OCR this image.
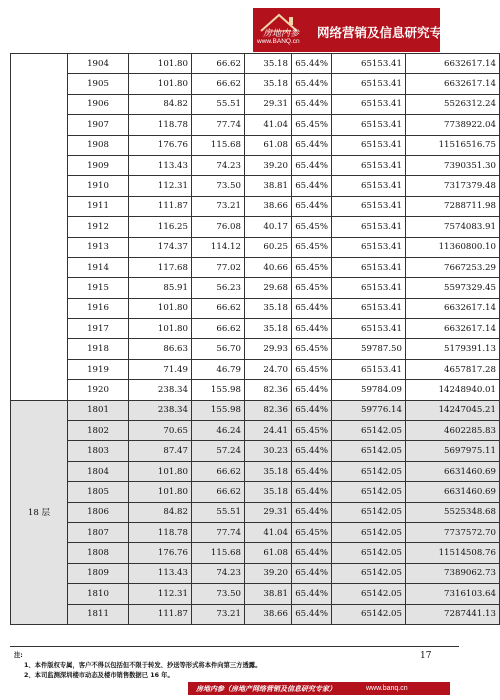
房地内参
www.BANQ.cn
网络营销及信息研究专家
	1904	101.80	66.62	35.18	65.44%	65153.41	6632617.14
	1905	101.80	66.62	35.18	65.44%	65153.41	6632617.14
	1906	84.82	55.51	29.31	65.44%	65153.41	5526312.24
	1907	118.78	77.74	41.04	65.45%	65153.41	7738922.04
	1908	176.76	115.68	61.08	65.44%	65153.41	11516516.75
	1909	113.43	74.23	39.20	65.44%	65153.41	7390351.30
	1910	112.31	73.50	38.81	65.44%	65153.41	7317379.48
	1911	111.87	73.21	38.66	65.44%	65153.41	7288711.98
	1912	116.25	76.08	40.17	65.45%	65153.41	7574083.91
	1913	174.37	114.12	60.25	65.45%	65153.41	11360800.10
	1914	117.68	77.02	40.66	65.45%	65153.41	7667253.29
	1915	85.91	56.23	29.68	65.45%	65153.41	5597329.45
	1916	101.80	66.62	35.18	65.44%	65153.41	6632617.14
	1917	101.80	66.62	35.18	65.44%	65153.41	6632617.14
	1918	86.63	56.70	29.93	65.45%	59787.50	5179391.13
	1919	71.49	46.79	24.70	65.45%	65153.41	4657817.28
	1920	238.34	155.98	82.36	65.44%	59784.09	14248940.01
18 层	1801	238.34	155.98	82.36	65.44%	59776.14	14247045.21
	1802	70.65	46.24	24.41	65.45%	65142.05	4602285.83
	1803	87.47	57.24	30.23	65.44%	65142.05	5697975.11
	1804	101.80	66.62	35.18	65.44%	65142.05	6631460.69
	1805	101.80	66.62	35.18	65.44%	65142.05	6631460.69
	1806	84.82	55.51	29.31	65.44%	65142.05	5525348.68
	1807	118.78	77.74	41.04	65.45%	65142.05	7737572.70
	1808	176.76	115.68	61.08	65.44%	65142.05	11514508.76
	1809	113.43	74.23	39.20	65.44%	65142.05	7389062.73
	1810	112.31	73.50	38.81	65.44%	65142.05	7316103.64
	1811	111.87	73.21	38.66	65.44%	65142.05	7287441.13
注:
1、本件版权专属，客户不得以包括但不限于转发、抄送等形式将本件向第三方透露。
2、本司监测深圳楼市动态及楼市销售数据已 16 年。
17
房地内参（房地产网络营销及信息研究专家）	www.banq.cn
